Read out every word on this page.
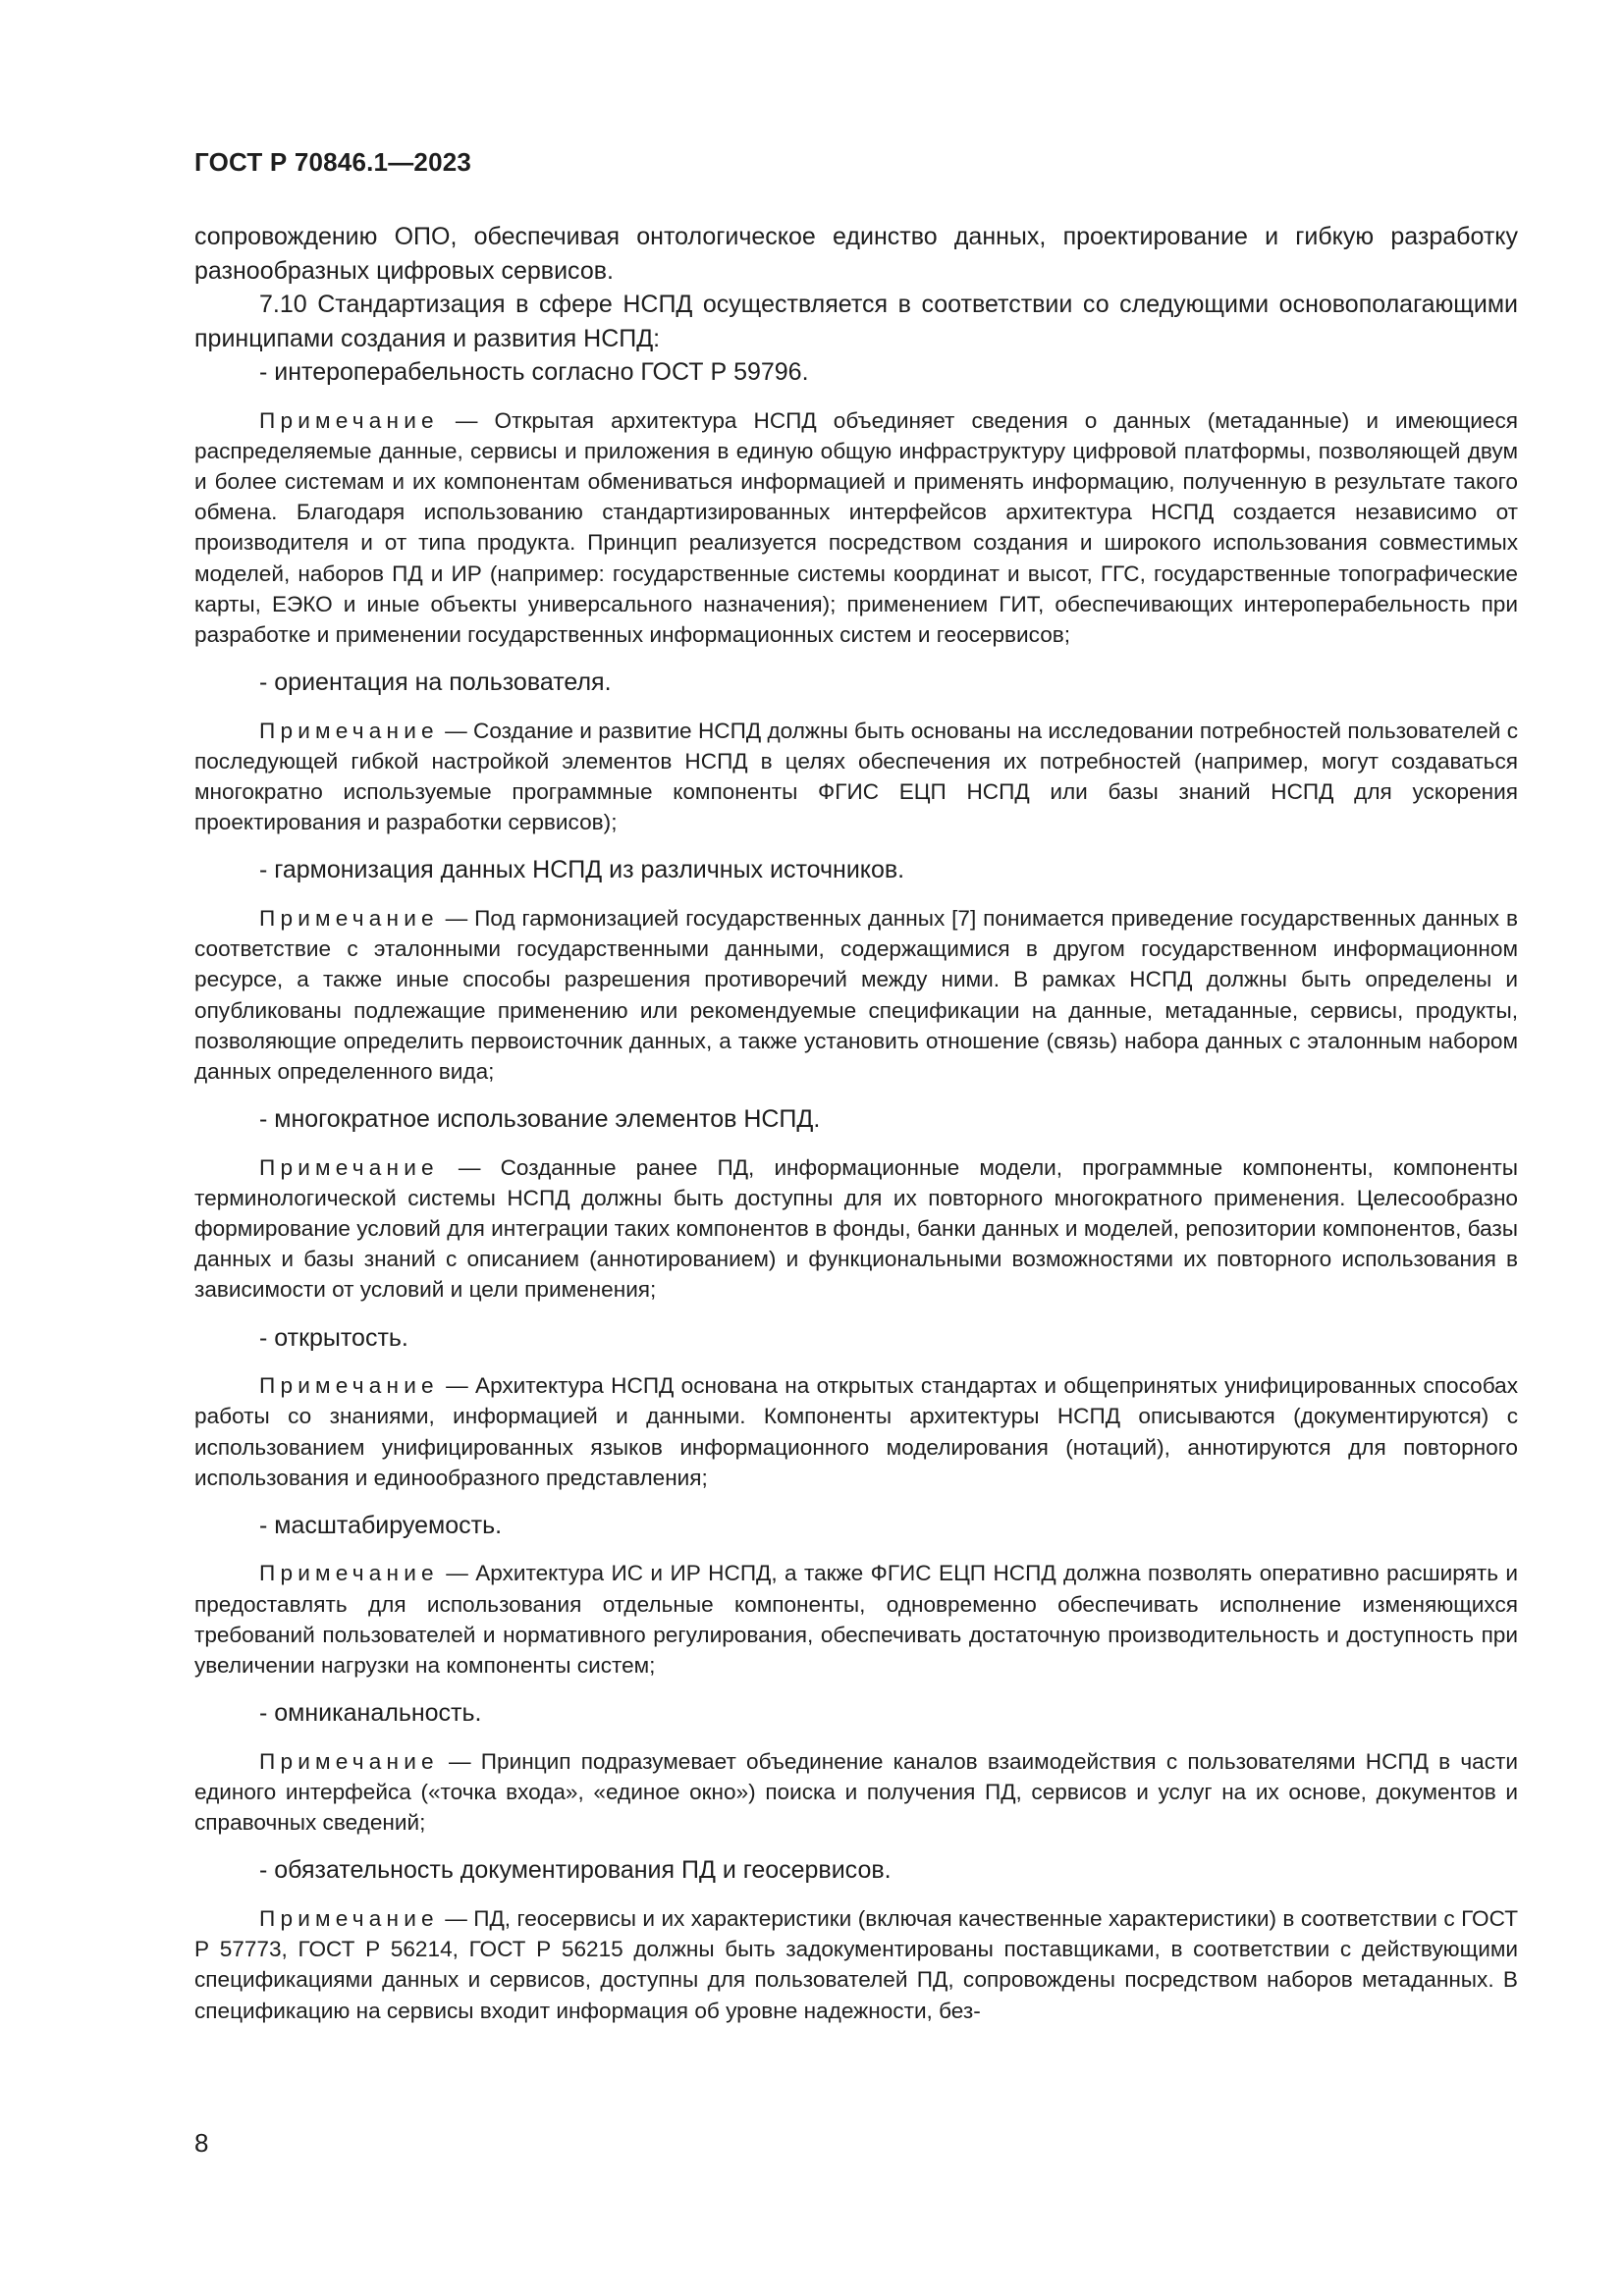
ГОСТ Р 70846.1—2023

сопровождению ОПО, обеспечивая онтологическое единство данных, проектирование и гибкую разработку разнообразных цифровых сервисов.

7.10 Стандартизация в сфере НСПД осуществляется в соответствии со следующими основополагающими принципами создания и развития НСПД:

- интероперабельность согласно ГОСТ Р 59796.

Примечание — Открытая архитектура НСПД объединяет сведения о данных (метаданные) и имеющиеся распределяемые данные, сервисы и приложения в единую общую инфраструктуру цифровой платформы, позволяющей двум и более системам и их компонентам обмениваться информацией и применять информацию, полученную в результате такого обмена. Благодаря использованию стандартизированных интерфейсов архитектура НСПД создается независимо от производителя и от типа продукта. Принцип реализуется посредством создания и широкого использования совместимых моделей, наборов ПД и ИР (например: государственные системы координат и высот, ГГС, государственные топографические карты, ЕЭКО и иные объекты универсального назначения); применением ГИТ, обеспечивающих интероперабельность при разработке и применении государственных информационных систем и геосервисов;

- ориентация на пользователя.

Примечание — Создание и развитие НСПД должны быть основаны на исследовании потребностей пользователей с последующей гибкой настройкой элементов НСПД в целях обеспечения их потребностей (например, могут создаваться многократно используемые программные компоненты ФГИС ЕЦП НСПД или базы знаний НСПД для ускорения проектирования и разработки сервисов);

- гармонизация данных НСПД из различных источников.

Примечание — Под гармонизацией государственных данных [7] понимается приведение государственных данных в соответствие с эталонными государственными данными, содержащимися в другом государственном информационном ресурсе, а также иные способы разрешения противоречий между ними. В рамках НСПД должны быть определены и опубликованы подлежащие применению или рекомендуемые спецификации на данные, метаданные, сервисы, продукты, позволяющие определить первоисточник данных, а также установить отношение (связь) набора данных с эталонным набором данных определенного вида;

- многократное использование элементов НСПД.

Примечание — Созданные ранее ПД, информационные модели, программные компоненты, компоненты терминологической системы НСПД должны быть доступны для их повторного многократного применения. Целесообразно формирование условий для интеграции таких компонентов в фонды, банки данных и моделей, репозитории компонентов, базы данных и базы знаний с описанием (аннотированием) и функциональными возможностями их повторного использования в зависимости от условий и цели применения;

- открытость.

Примечание — Архитектура НСПД основана на открытых стандартах и общепринятых унифицированных способах работы со знаниями, информацией и данными. Компоненты архитектуры НСПД описываются (документируются) с использованием унифицированных языков информационного моделирования (нотаций), аннотируются для повторного использования и единообразного представления;

- масштабируемость.

Примечание — Архитектура ИС и ИР НСПД, а также ФГИС ЕЦП НСПД должна позволять оперативно расширять и предоставлять для использования отдельные компоненты, одновременно обеспечивать исполнение изменяющихся требований пользователей и нормативного регулирования, обеспечивать достаточную производительность и доступность при увеличении нагрузки на компоненты систем;

- омниканальность.

Примечание — Принцип подразумевает объединение каналов взаимодействия с пользователями НСПД в части единого интерфейса («точка входа», «единое окно») поиска и получения ПД, сервисов и услуг на их основе, документов и справочных сведений;

- обязательность документирования ПД и геосервисов.

Примечание — ПД, геосервисы и их характеристики (включая качественные характеристики) в соответствии с ГОСТ Р 57773, ГОСТ Р 56214, ГОСТ Р 56215 должны быть задокументированы поставщиками, в соответствии с действующими спецификациями данных и сервисов, доступны для пользователей ПД, сопровождены посредством наборов метаданных. В спецификацию на сервисы входит информация об уровне надежности, без-

8
